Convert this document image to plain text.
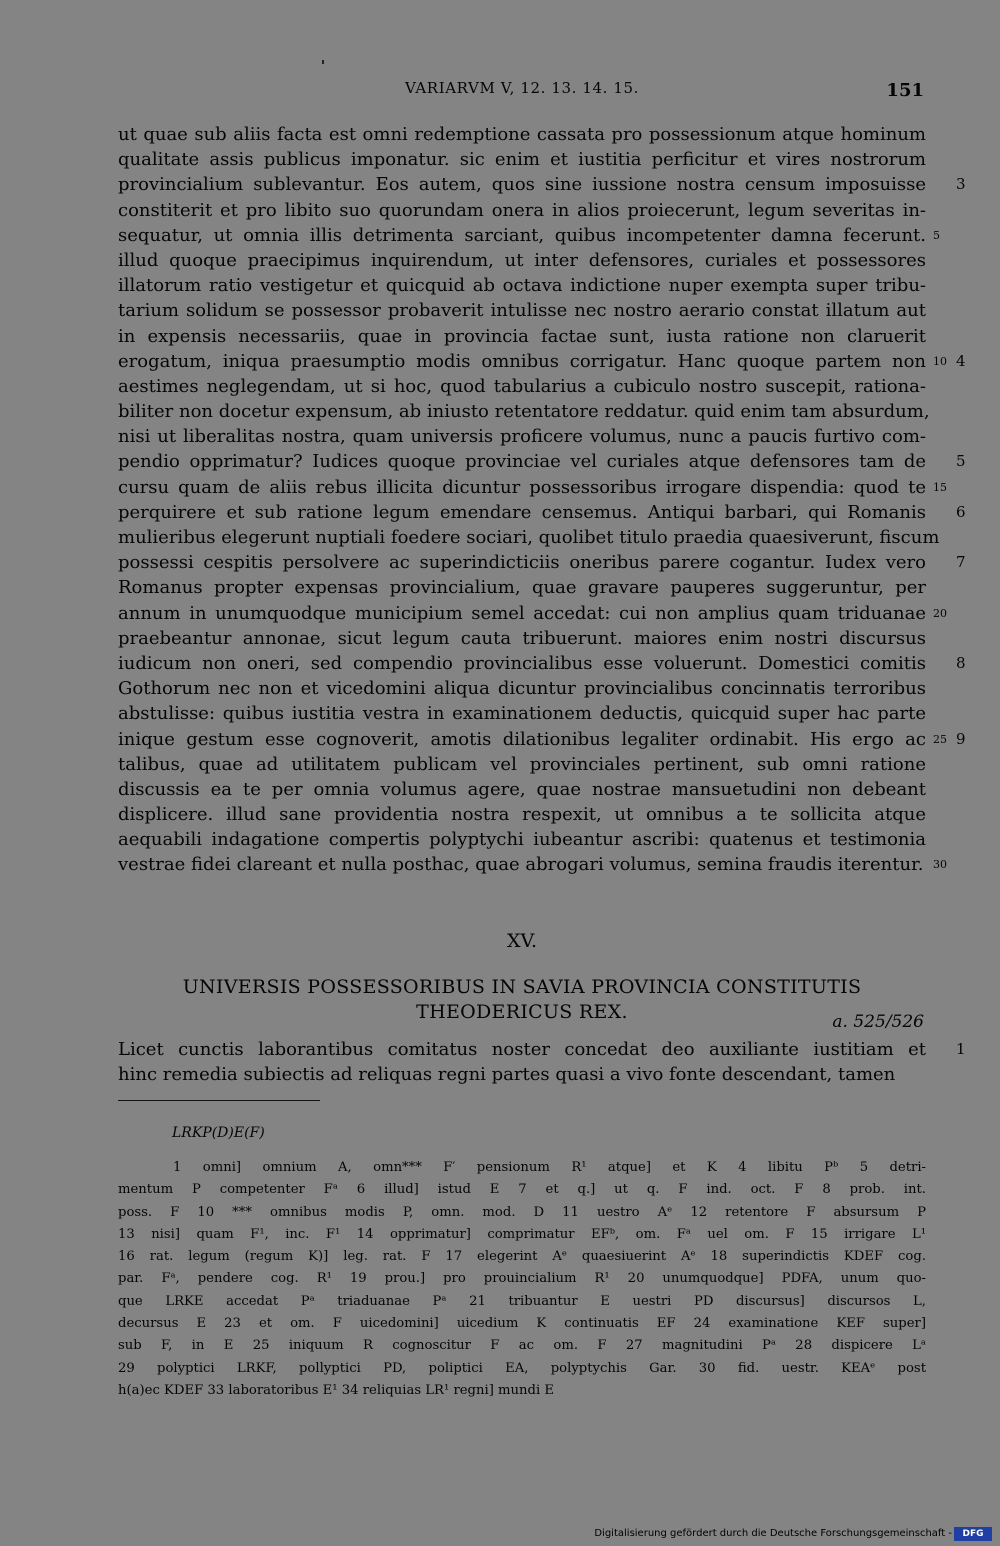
VARIARVM V, 12. 13. 14. 15.	151
ut quae sub aliis facta est omni redemptione cassata pro possessionum atque hominum
qualitate assis publicus imponatur. sic enim et iustitia perficitur et vires nostrorum
provincialium sublevantur. Eos autem, quos sine iussione nostra censum imposuisse 3
constiterit et pro libito suo quorundam onera in alios proiecerunt, legum severitas in-
sequatur, ut omnia illis detrimenta sarciant, quibus incompetenter damna fecerunt. 5
illud quoque praecipimus inquirendum, ut inter defensores, curiales et possessores
illatorum ratio vestigetur et quicquid ab octava indictione nuper exempta super tribu-
tarium solidum se possessor probaverit intulisse nec nostro aerario constat illatum aut
in expensis necessariis, quae in provincia factae sunt, iusta ratione non claruerit
erogatum, iniqua praesumptio modis omnibus corrigatur. Hanc quoque partem non 10 4
aestimes neglegendam, ut si hoc, quod tabularius a cubiculo nostro suscepit, rationa-
biliter non docetur expensum, ab iniusto retentatore reddatur. quid enim tam absurdum,
nisi ut liberalitas nostra, quam universis proficere volumus, nunc a paucis furtivo com-
pendio opprimatur? Iudices quoque provinciae vel curiales atque defensores tam de 5
cursu quam de aliis rebus illicita dicuntur possessoribus irrogare dispendia: quod te 15
perquirere et sub ratione legum emendare censemus. Antiqui barbari, qui Romanis 6
mulieribus elegerunt nuptiali foedere sociari, quolibet titulo praedia quaesiverunt, fiscum
possessi cespitis persolvere ac superindicticiis oneribus parere cogantur. Iudex vero 7
Romanus propter expensas provincialium, quae gravare pauperes suggeruntur, per
annum in unumquodque municipium semel accedat: cui non amplius quam triduanae 20
praebeantur annonae, sicut legum cauta tribuerunt. maiores enim nostri discursus
iudicum non oneri, sed compendio provincialibus esse voluerunt. Domestici comitis 8
Gothorum nec non et vicedomini aliqua dicuntur provincialibus concinnatis terroribus
abstulisse: quibus iustitia vestra in examinationem deductis, quicquid super hac parte
inique gestum esse cognoverit, amotis dilationibus legaliter ordinabit. His ergo ac 25 9
talibus, quae ad utilitatem publicam vel provinciales pertinent, sub omni ratione
discussis ea te per omnia volumus agere, quae nostrae mansuetudini non debeant
displicere. illud sane providentia nostra respexit, ut omnibus a te sollicita atque
aequabili indagatione compertis polyptychi iubeantur ascribi: quatenus et testimonia
vestrae fidei clareant et nulla posthac, quae abrogari volumus, semina fraudis iterentur. 30
XV.
UNIVERSIS POSSESSORIBUS IN SAVIA PROVINCIA CONSTITUTIS
THEODERICUS REX.	a. 525/526
Licet cunctis laborantibus comitatus noster concedat deo auxiliante iustitiam et 1
hinc remedia subiectis ad reliquas regni partes quasi a vivo fonte descendant, tamen
LRKP(D)E(F)
1 omni] omnium A, omn*** F′ pensionum R¹ atque] et K 4 libitu Pᵇ 5 detri-
mentum P competenter Fᵃ 6 illud] istud E 7 et q.] ut q. F ind. oct. F 8 prob. int.
poss. F 10 *** omnibus modis P, omn. mod. D 11 uestro Aᵉ 12 retentore F absursum P
13 nisi] quam F¹, inc. F¹ 14 opprimatur] comprimatur EFᵇ, om. Fᵃ uel om. F 15 irrigare L¹
16 rat. legum (regum K)] leg. rat. F 17 elegerint Aᵉ quaesiuerint Aᵉ 18 superindictis KDEF cog.
par. Fᵃ, pendere cog. R¹ 19 prou.] pro prouincialium R¹ 20 unumquodque] PDFA, unum quo-
que LRKE accedat Pᵃ triaduanae Pᵃ 21 tribuantur E uestri PD discursus] discursos L,
decursus E 23 et om. F uicedomini] uicedium K continuatis EF 24 examinatione KEF super]
sub F, in E 25 iniquum R cognoscitur F ac om. F 27 magnitudini Pᵃ 28 dispicere Lᵃ
29 polyptici LRKF, pollyptici PD, poliptici EA, polyptychis Gar. 30 fid. uestr. KEAᵉ post
h(a)ec KDEF 33 laboratoribus E¹ 34 reliquias LR¹ regni] mundi E
Digitalisierung gefördert durch die Deutsche Forschungsgemeinschaft -	DFG
